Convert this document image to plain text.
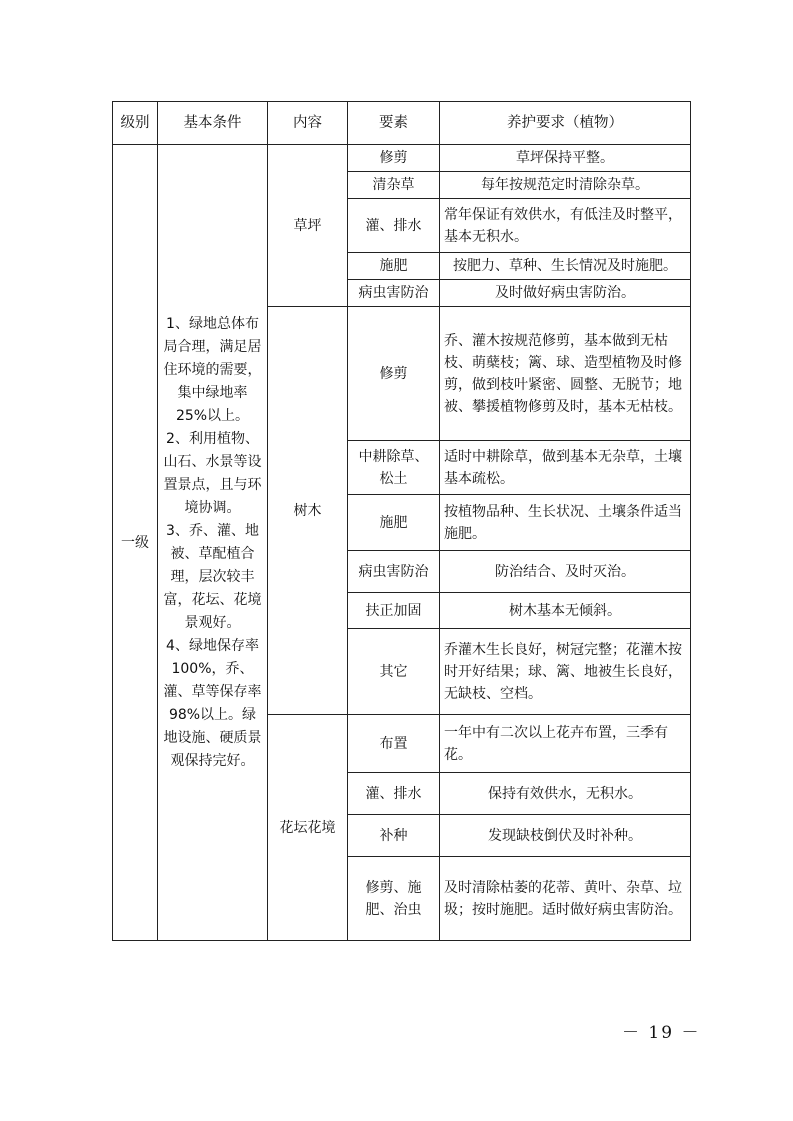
级别	基本条件	内容	要素	养护要求（植物）
一级	1、绿地总体布局合理，满足居住环境的需要，集中绿地率 25%以上。

2、利用植物、山石、水景等设置景点，且与环境协调。

3、乔、灌、地被、草配植合理，层次较丰富，花坛、花境景观好。

4、绿地保存率100%，乔、灌、草等保存率 98%以上。绿地设施、硬质景观保持完好。	草坪	修剪	草坪保持平整。
			清杂草	每年按规范定时清除杂草。
			灌、排水	常年保证有效供水，有低洼及时整平，基本无积水。
			施肥	按肥力、草种、生长情况及时施肥。
			病虫害防治	及时做好病虫害防治。
		树木	修剪	乔、灌木按规范修剪，基本做到无枯枝、萌蘖枝；篱、球、造型植物及时修剪，做到枝叶紧密、圆整、无脱节；地被、攀援植物修剪及时，基本无枯枝。
			中耕除草、松土	适时中耕除草，做到基本无杂草，土壤基本疏松。
			施肥	按植物品种、生长状况、土壤条件适当施肥。
			病虫害防治	防治结合、及时灭治。
			扶正加固	树木基本无倾斜。
			其它	乔灌木生长良好，树冠完整；花灌木按时开好结果；球、篱、地被生长良好，无缺枝、空档。
		花坛花境	布置	一年中有二次以上花卉布置，三季有花。
			灌、排水	保持有效供水，无积水。
			补种	发现缺枝倒伏及时补种。
			修剪、施肥、治虫	及时清除枯萎的花蒂、黄叶、杂草、垃圾；按时施肥。适时做好病虫害防治。
－ 19 －
